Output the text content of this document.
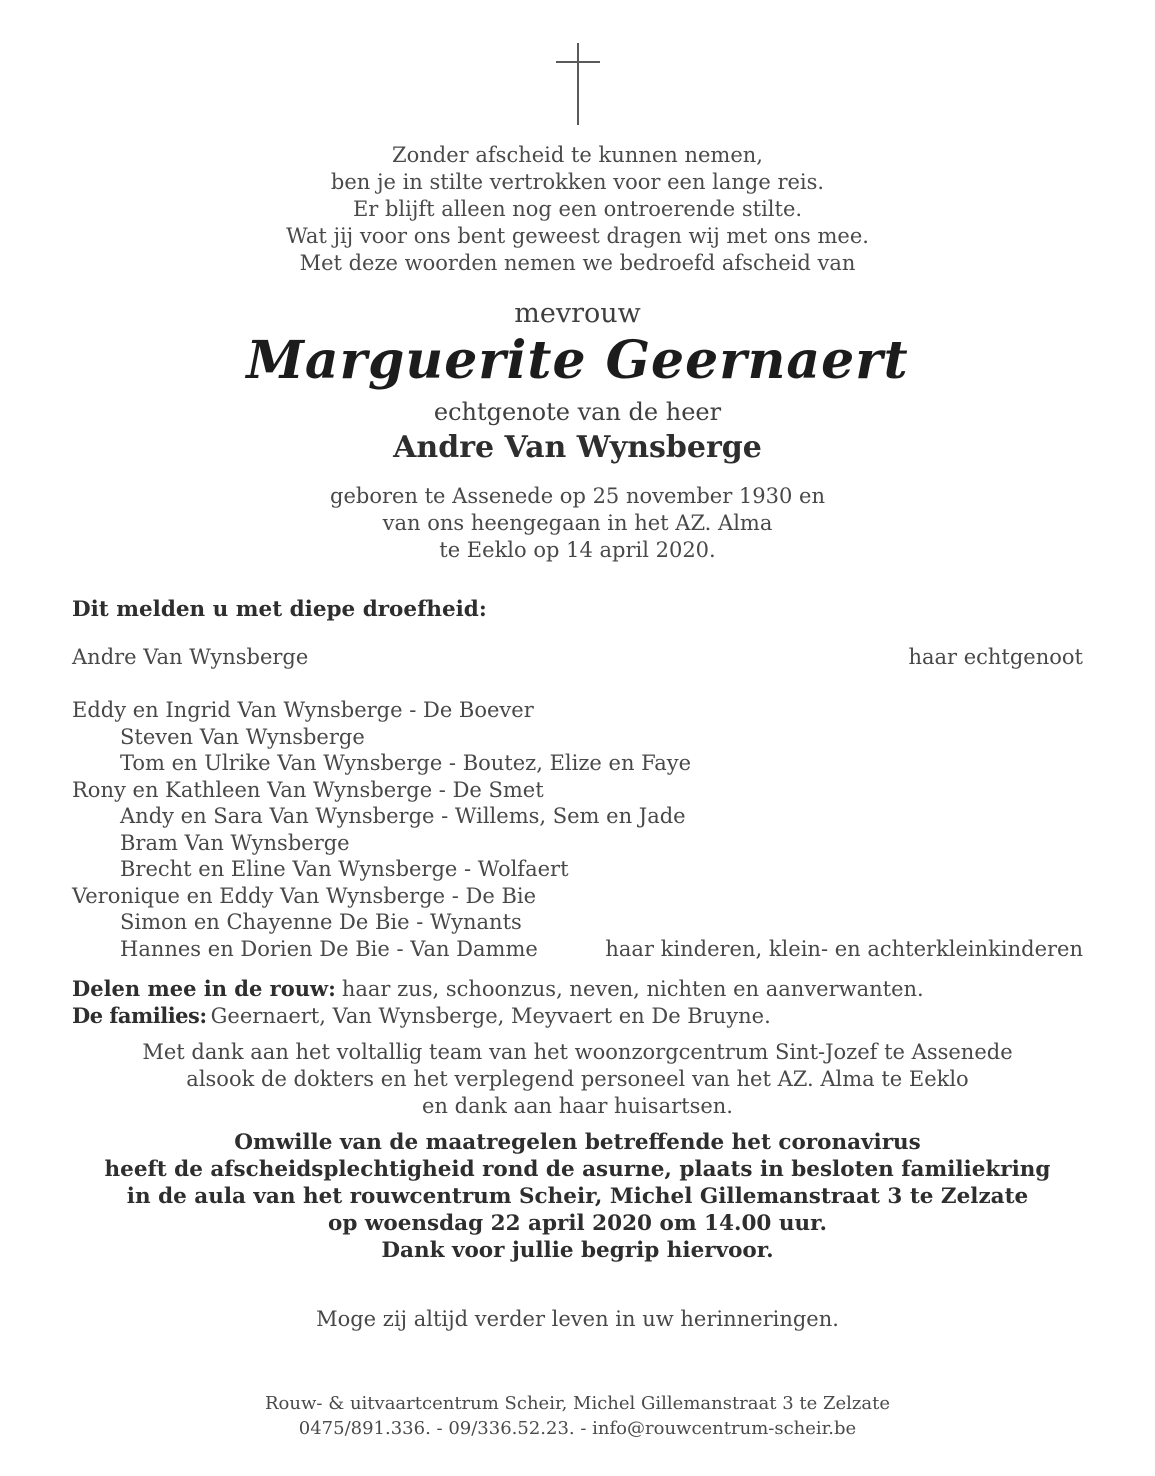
Zonder afscheid te kunnen nemen,
ben je in stilte vertrokken voor een lange reis.
Er blijft alleen nog een ontroerende stilte.
Wat jij voor ons bent geweest dragen wij met ons mee.
Met deze woorden nemen we bedroefd afscheid van
mevrouw
Marguerite Geernaert
echtgenote van de heer
Andre Van Wynsberge
geboren te Assenede op 25 november 1930 en
van ons heengegaan in het AZ. Alma
te Eeklo op 14 april 2020.
Dit melden u met diepe droefheid:
Andre Van Wynsberge	haar echtgenoot
Eddy en Ingrid Van Wynsberge - De Boever
Steven Van Wynsberge
Tom en Ulrike Van Wynsberge - Boutez, Elize en Faye
Rony en Kathleen Van Wynsberge - De Smet
Andy en Sara Van Wynsberge - Willems, Sem en Jade
Bram Van Wynsberge
Brecht en Eline Van Wynsberge - Wolfaert
Veronique en Eddy Van Wynsberge - De Bie
Simon en Chayenne De Bie - Wynants
Hannes en Dorien De Bie - Van Damme	haar kinderen, klein- en achterkleinkinderen
Delen mee in de rouw: haar zus, schoonzus, neven, nichten en aanverwanten.
De families: Geernaert, Van Wynsberge, Meyvaert en De Bruyne.
Met dank aan het voltallig team van het woonzorgcentrum Sint-Jozef te Assenede
alsook de dokters en het verplegend personeel van het AZ. Alma te Eeklo
en dank aan haar huisartsen.
Omwille van de maatregelen betreffende het coronavirus
heeft de afscheidsplechtigheid rond de asurne, plaats in besloten familiekring
in de aula van het rouwcentrum Scheir, Michel Gillemanstraat 3 te Zelzate
op woensdag 22 april 2020 om 14.00 uur.
Dank voor jullie begrip hiervoor.
Moge zij altijd verder leven in uw herinneringen.
Rouw- & uitvaartcentrum Scheir, Michel Gillemanstraat 3 te Zelzate
0475/891.336. - 09/336.52.23. - info@rouwcentrum-scheir.be
